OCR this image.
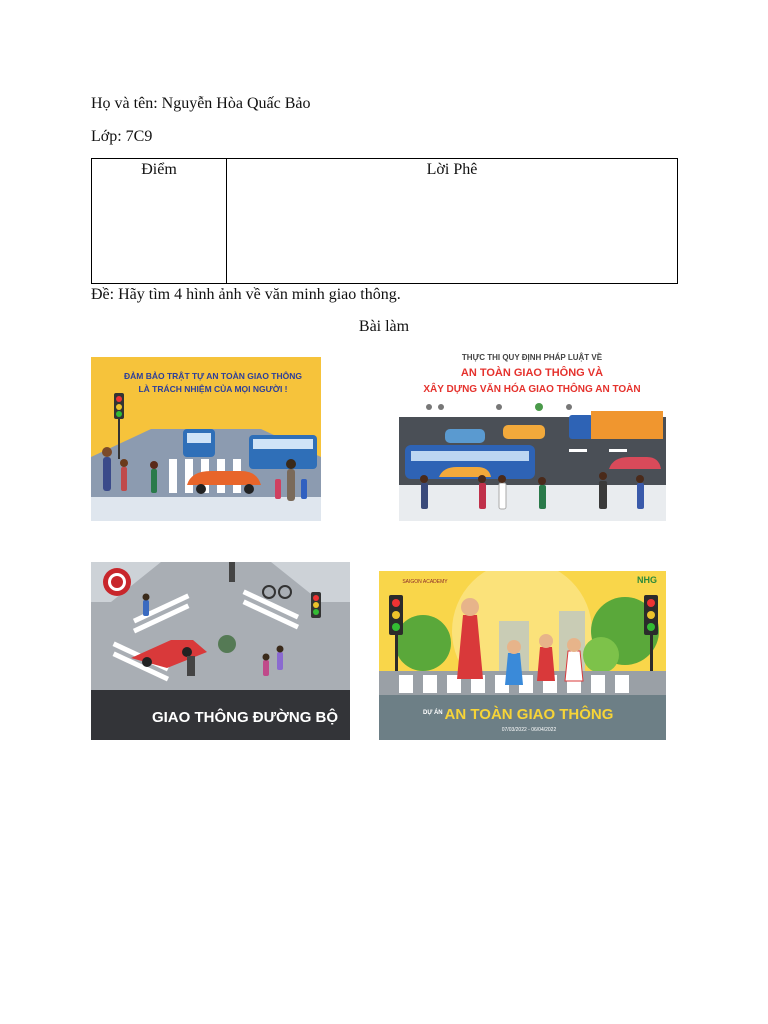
Họ và tên: Nguyễn Hòa Quấc Bảo
Lớp: 7C9
Điểm	Lời Phê
Đề: Hãy tìm 4 hình ảnh về văn minh giao thông.
Bài làm
ĐẢM BẢO TRẬT TỰ AN TOÀN GIAO THÔNG
LÀ TRÁCH NHIỆM CỦA MỌI NGƯỜI !
THỰC THI QUY ĐỊNH PHÁP LUẬT VỀ
AN TOÀN GIAO THÔNG VÀ
XÂY DỰNG VĂN HÓA GIAO THÔNG AN TOÀN
GIAO THÔNG ĐƯỜNG BỘ
NHG
SAIGON ACADEMY
DỰ ÁN AN TOÀN GIAO THÔNG
07/03/2022 - 06/04/2022
